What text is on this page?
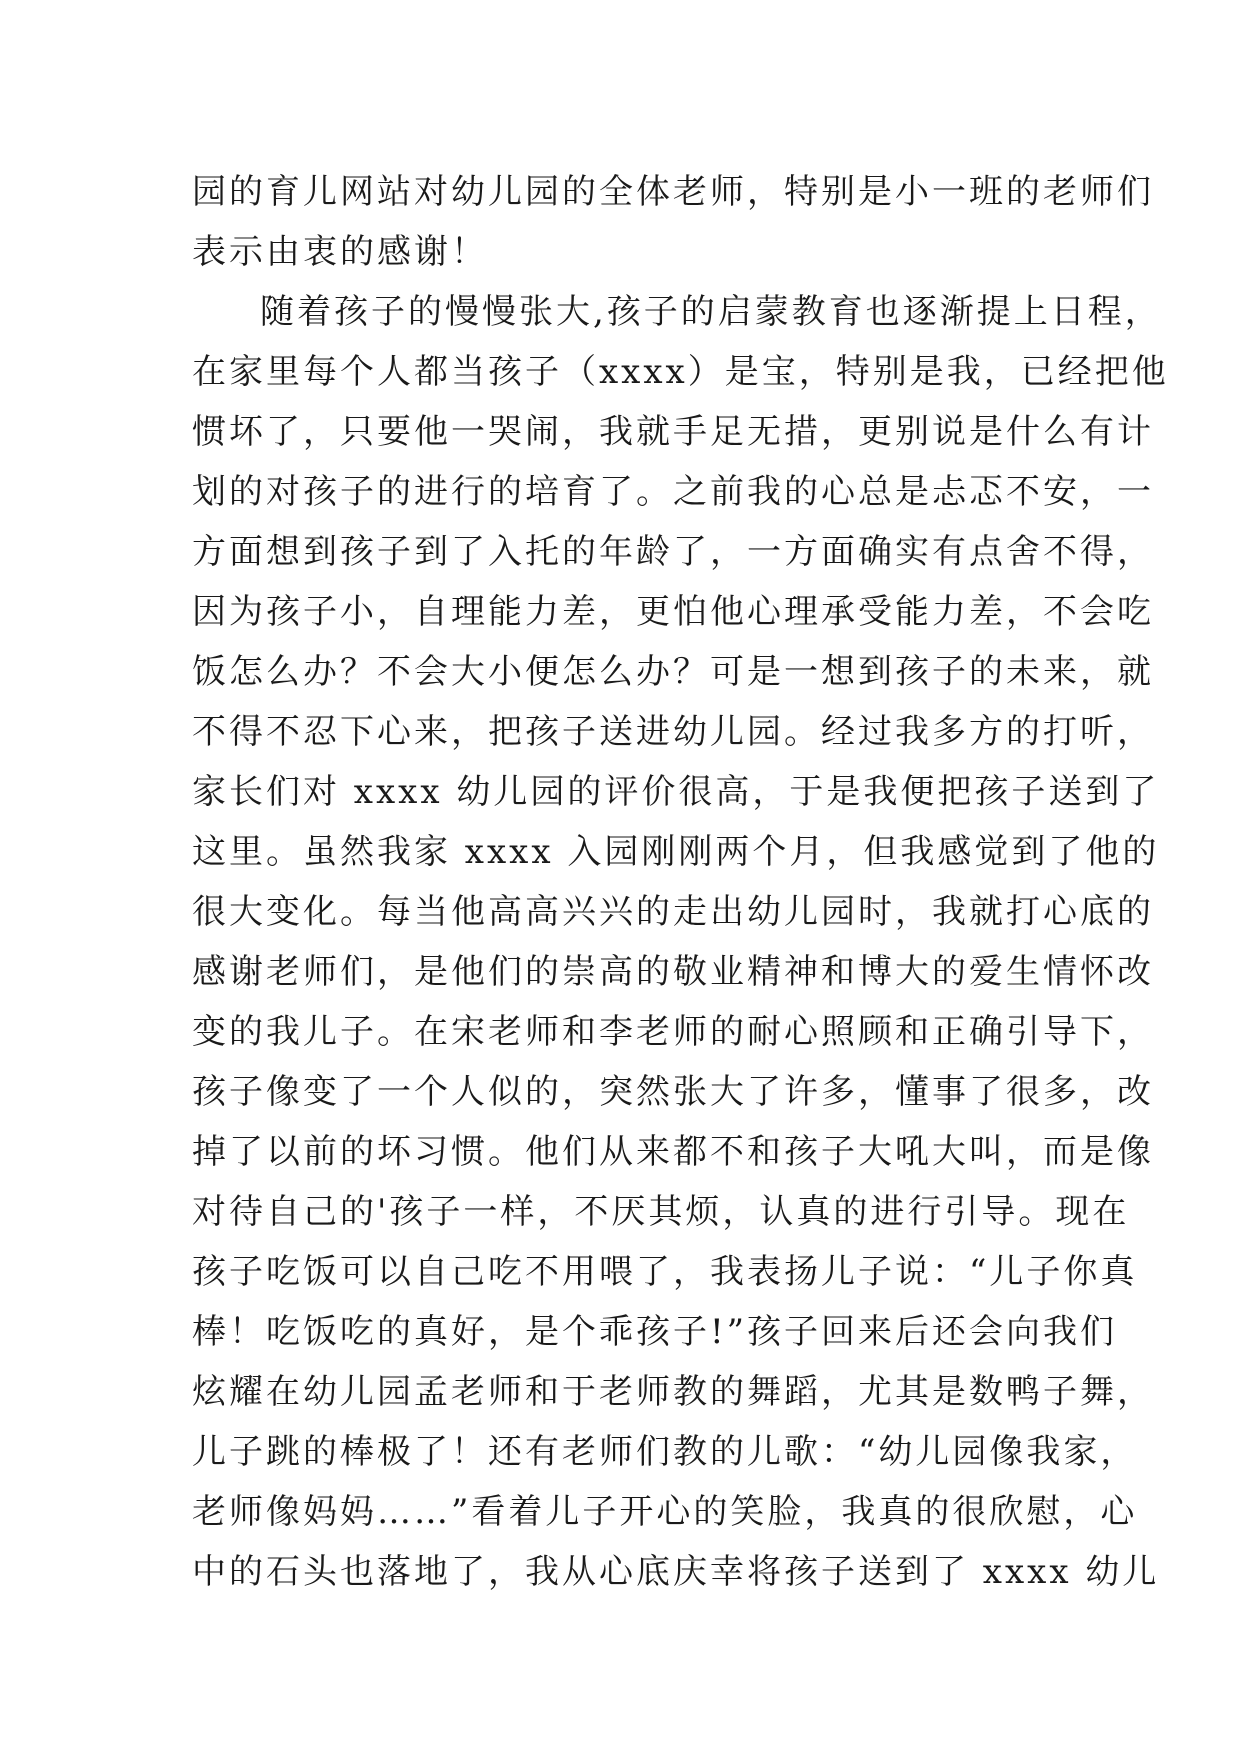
园的育儿网站对幼儿园的全体老师，特别是小一班的老师们
表示由衷的感谢！
随着孩子的慢慢张大,孩子的启蒙教育也逐渐提上日程，
在家里每个人都当孩子（xxxx）是宝，特别是我，已经把他
惯坏了，只要他一哭闹，我就手足无措，更别说是什么有计
划的对孩子的进行的培育了。之前我的心总是忐忑不安，一
方面想到孩子到了入托的年龄了，一方面确实有点舍不得，
因为孩子小，自理能力差，更怕他心理承受能力差，不会吃
饭怎么办？不会大小便怎么办？可是一想到孩子的未来，就
不得不忍下心来，把孩子送进幼儿园。经过我多方的打听，
家长们对 xxxx 幼儿园的评价很高，于是我便把孩子送到了
这里。虽然我家 xxxx 入园刚刚两个月，但我感觉到了他的
很大变化。每当他高高兴兴的走出幼儿园时，我就打心底的
感谢老师们，是他们的崇高的敬业精神和博大的爱生情怀改
变的我儿子。在宋老师和李老师的耐心照顾和正确引导下，
孩子像变了一个人似的，突然张大了许多，懂事了很多，改
掉了以前的坏习惯。他们从来都不和孩子大吼大叫，而是像
对待自己的'孩子一样，不厌其烦，认真的进行引导。现在
孩子吃饭可以自己吃不用喂了，我表扬儿子说：“儿子你真
棒！吃饭吃的真好，是个乖孩子!”孩子回来后还会向我们
炫耀在幼儿园孟老师和于老师教的舞蹈，尤其是数鸭子舞，
儿子跳的棒极了！还有老师们教的儿歌：“幼儿园像我家，
老师像妈妈……”看着儿子开心的笑脸，我真的很欣慰，心
中的石头也落地了，我从心底庆幸将孩子送到了 xxxx 幼儿
